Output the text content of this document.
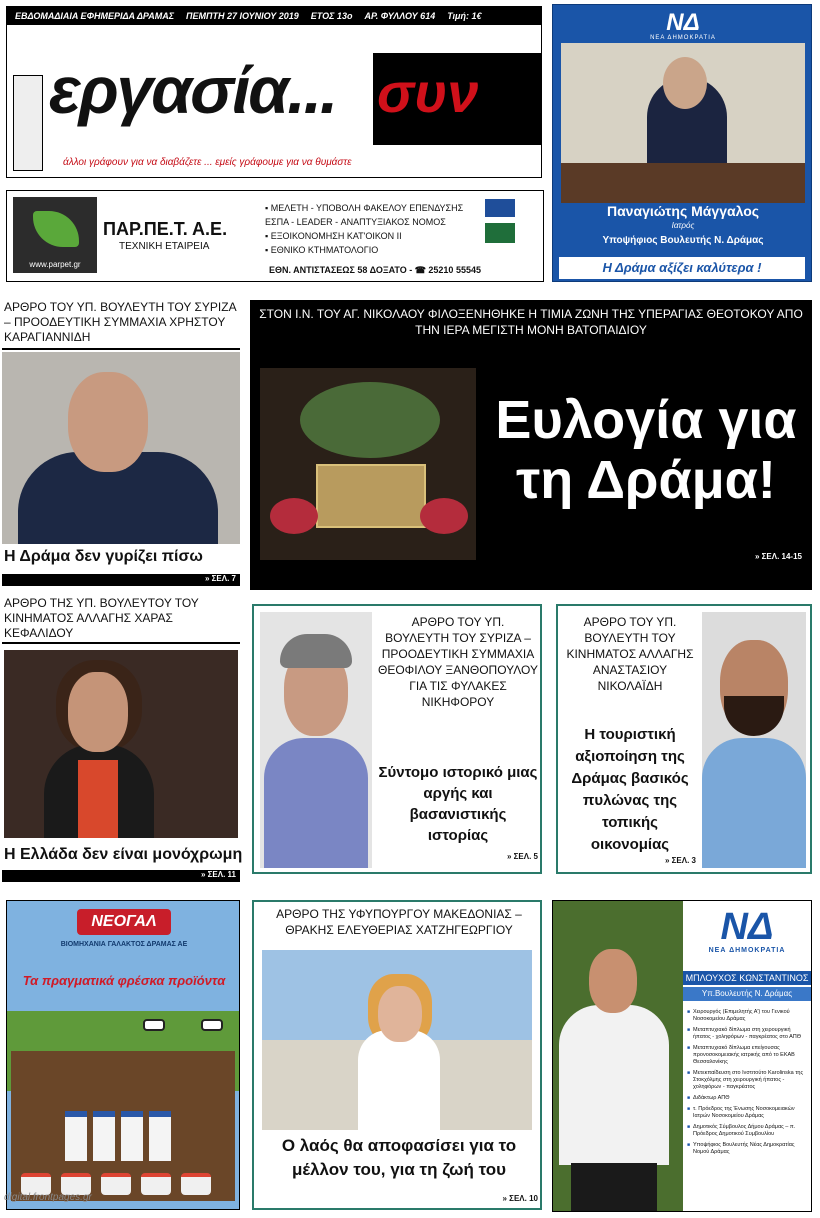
ΕΒΔΟΜΑΔΙΑΙΑ ΕΦΗΜΕΡΙΔΑ ΔΡΑΜΑΣ ΠΕΜΠΤΗ 27 ΙΟΥΝΙΟΥ 2019 ΕΤΟΣ 13ο ΑΡ. ΦΥΛΛΟΥ 614 Τιμή: 1€
εργασία... συν
άλλοι γράφουν για να διαβάζετε ... εμείς γράφουμε για να θυμάστε
www.parpet.gr
ΠΑΡ.ΠΕ.Τ. Α.Ε.
ΤΕΧΝΙΚΗ ΕΤΑΙΡΕΙΑ
▪ ΜΕΛΕΤΗ - ΥΠΟΒΟΛΗ ΦΑΚΕΛΟΥ ΕΠΕΝΔΥΣΗΣ
ΕΣΠΑ - LEADER - ΑΝΑΠΤΥΞΙΑΚΟΣ ΝΟΜΟΣ
▪ ΕΞΟΙΚΟΝΟΜΗΣΗ ΚΑΤ'ΟΙΚΟΝ ΙΙ
▪ ΕΘΝΙΚΟ ΚΤΗΜΑΤΟΛΟΓΙΟ
ΕΘΝ. ΑΝΤΙΣΤΑΣΕΩΣ 58 ΔΟΞΑΤΟ - ☎ 25210 55545
ΝΔ
ΝΕΑ ΔΗΜΟΚΡΑΤΙΑ
Παναγιώτης Μάγγαλος
Ιατρός
Υποψήφιος Βουλευτής Ν. Δράμας
Η Δράμα αξίζει καλύτερα !
ΑΡΘΡΟ ΤΟΥ ΥΠ. ΒΟΥΛΕΥΤΗ ΤΟΥ ΣΥΡΙΖΑ – ΠΡΟΟΔΕΥΤΙΚΗ ΣΥΜΜΑΧΙΑ ΧΡΗΣΤΟΥ ΚΑΡΑΓΙΑΝΝΙΔΗ
Η Δράμα δεν γυρίζει πίσω
» ΣΕΛ. 7
ΣΤΟΝ Ι.Ν. ΤΟΥ ΑΓ. ΝΙΚΟΛΑΟΥ ΦΙΛΟΞΕΝΗΘΗΚΕ Η ΤΙΜΙΑ ΖΩΝΗ ΤΗΣ ΥΠΕΡΑΓΙΑΣ ΘΕΟΤΟΚΟΥ ΑΠΟ ΤΗΝ ΙΕΡΑ ΜΕΓΙΣΤΗ ΜΟΝΗ ΒΑΤΟΠΑΙΔΙΟΥ
Ευλογία για τη Δράμα!
» ΣΕΛ. 14-15
ΑΡΘΡΟ ΤΗΣ ΥΠ. ΒΟΥΛΕΥΤΟΥ ΤΟΥ ΚΙΝΗΜΑΤΟΣ ΑΛΛΑΓΗΣ ΧΑΡΑΣ ΚΕΦΑΛΙΔΟΥ
Η Ελλάδα δεν είναι μονόχρωμη
» ΣΕΛ. 11
ΑΡΘΡΟ ΤΟΥ ΥΠ. ΒΟΥΛΕΥΤΗ ΤΟΥ ΣΥΡΙΖΑ – ΠΡΟΟΔΕΥΤΙΚΗ ΣΥΜΜΑΧΙΑ ΘΕΟΦΙΛΟΥ ΞΑΝΘΟΠΟΥΛΟΥ ΓΙΑ ΤΙΣ ΦΥΛΑΚΕΣ ΝΙΚΗΦΟΡΟΥ
Σύντομο ιστορικό μιας αργής και βασανιστικής ιστορίας
» ΣΕΛ. 5
ΑΡΘΡΟ ΤΟΥ ΥΠ. ΒΟΥΛΕΥΤΗ ΤΟΥ ΚΙΝΗΜΑΤΟΣ ΑΛΛΑΓΗΣ ΑΝΑΣΤΑΣΙΟΥ ΝΙΚΟΛΑΪΔΗ
Η τουριστική αξιοποίηση της Δράμας βασικός πυλώνας της τοπικής οικονομίας
» ΣΕΛ. 3
ΝΕΟΓΑΛ
ΒΙΟΜΗΧΑΝΙΑ ΓΑΛΑΚΤΟΣ ΔΡΑΜΑΣ ΑΕ
Τα πραγματικά φρέσκα προϊόντα
ΑΡΘΡΟ ΤΗΣ ΥΦΥΠΟΥΡΓΟΥ ΜΑΚΕΔΟΝΙΑΣ – ΘΡΑΚΗΣ ΕΛΕΥΘΕΡΙΑΣ ΧΑΤΖΗΓΕΩΡΓΙΟΥ
Ο λαός θα αποφασίσει για το μέλλον του, για τη ζωή του
» ΣΕΛ. 10
ΝΔ
ΝΕΑ ΔΗΜΟΚΡΑΤΙΑ
ΜΠΛΟΥΧΟΣ ΚΩΝΣΤΑΝΤΙΝΟΣ
Υπ.Βουλευτής Ν. Δράμας
■ Χειρουργός (Επιμελητής Α') του Γενικού Νοσοκομείου Δράμας
■ Μεταπτυχιακό δίπλωμα στη χειρουργική ήπατος - χοληφόρων - παγκρέατος στο ΑΠΘ
■ Μεταπτυχιακό δίπλωμα επείγουσας προνοσοκομειακής ιατρικής από το ΕΚΑΒ Θεσσαλονίκης
■ Μετεκπαίδευση στο Ινστιτούτο Karolinska της Στοκχόλμης στη χειρουργική ήπατος - χοληφόρων - παγκρέατος
■ Διδάκτωρ ΑΠΘ
■ τ. Πρόεδρος της Ένωσης Νοσοκομειακών Ιατρών Νοσοκομείου Δράμας
■ Δημοτικός Σύμβουλος Δήμου Δράμας – π. Πρόεδρος Δημοτικού Συμβουλίου
■ Υποψήφιος Βουλευτής Νέας Δημοκρατίας Νομού Δράμας
digital.frontpages.gr
